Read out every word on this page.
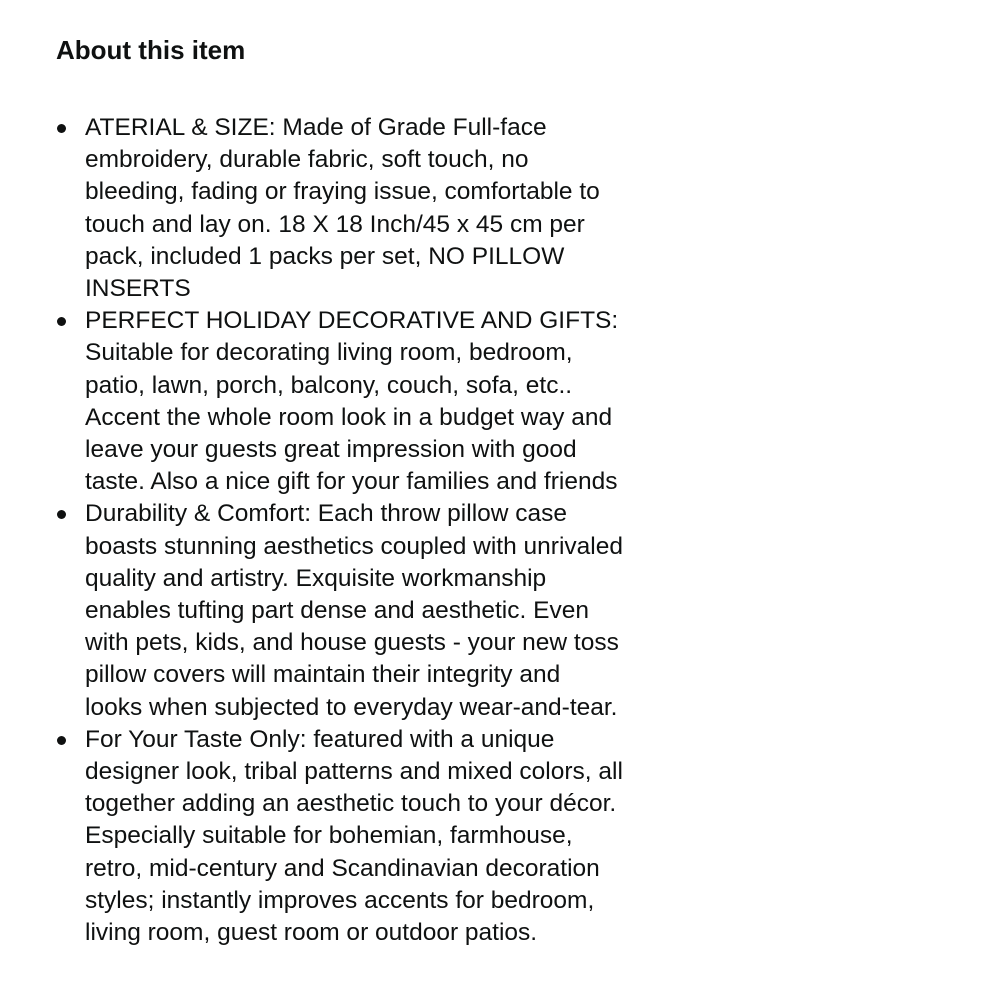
About this item
ATERIAL & SIZE: Made of Grade Full-face
embroidery, durable fabric, soft touch, no
bleeding, fading or fraying issue, comfortable to
touch and lay on. 18 X 18 Inch/45 x 45 cm per
pack, included 1 packs per set, NO PILLOW
INSERTS
PERFECT HOLIDAY DECORATIVE AND GIFTS:
Suitable for decorating living room, bedroom,
patio, lawn, porch, balcony, couch, sofa, etc..
Accent the whole room look in a budget way and
leave your guests great impression with good
taste. Also a nice gift for your families and friends
Durability & Comfort: Each throw pillow case
boasts stunning aesthetics coupled with unrivaled
quality and artistry. Exquisite workmanship
enables tufting part dense and aesthetic. Even
with pets, kids, and house guests - your new toss
pillow covers will maintain their integrity and
looks when subjected to everyday wear-and-tear.
For Your Taste Only: featured with a unique
designer look, tribal patterns and mixed colors, all
together adding an aesthetic touch to your décor.
Especially suitable for bohemian, farmhouse,
retro, mid-century and Scandinavian decoration
styles; instantly improves accents for bedroom,
living room, guest room or outdoor patios.
